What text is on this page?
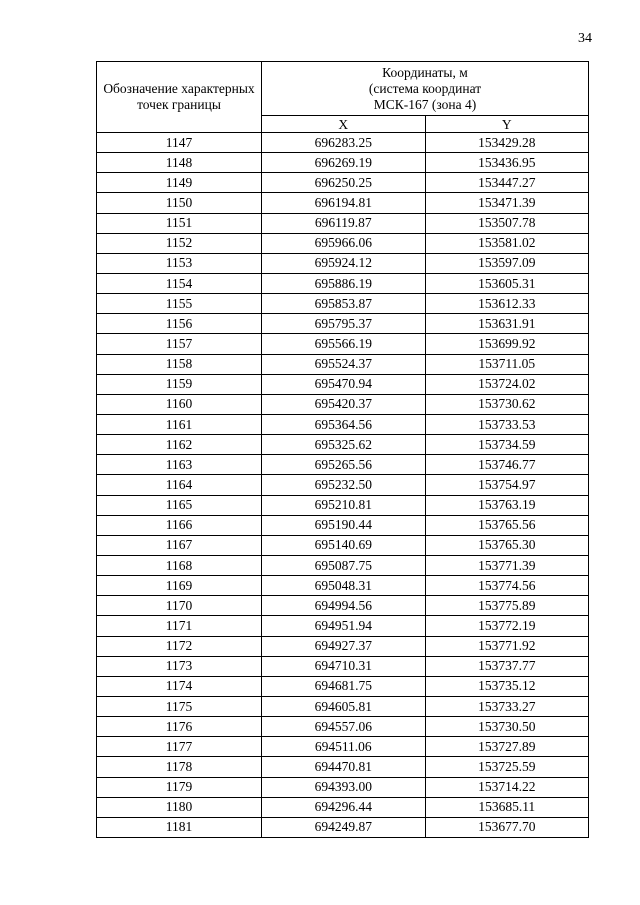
34
Обозначение характерных точек границы	Координаты, м
(система координат
МСК-167 (зона 4)	

	X	Y
1147	696283.25	153429.28
1148	696269.19	153436.95
1149	696250.25	153447.27
1150	696194.81	153471.39
1151	696119.87	153507.78
1152	695966.06	153581.02
1153	695924.12	153597.09
1154	695886.19	153605.31
1155	695853.87	153612.33
1156	695795.37	153631.91
1157	695566.19	153699.92
1158	695524.37	153711.05
1159	695470.94	153724.02
1160	695420.37	153730.62
1161	695364.56	153733.53
1162	695325.62	153734.59
1163	695265.56	153746.77
1164	695232.50	153754.97
1165	695210.81	153763.19
1166	695190.44	153765.56
1167	695140.69	153765.30
1168	695087.75	153771.39
1169	695048.31	153774.56
1170	694994.56	153775.89
1171	694951.94	153772.19
1172	694927.37	153771.92
1173	694710.31	153737.77
1174	694681.75	153735.12
1175	694605.81	153733.27
1176	694557.06	153730.50
1177	694511.06	153727.89
1178	694470.81	153725.59
1179	694393.00	153714.22
1180	694296.44	153685.11
1181	694249.87	153677.70
